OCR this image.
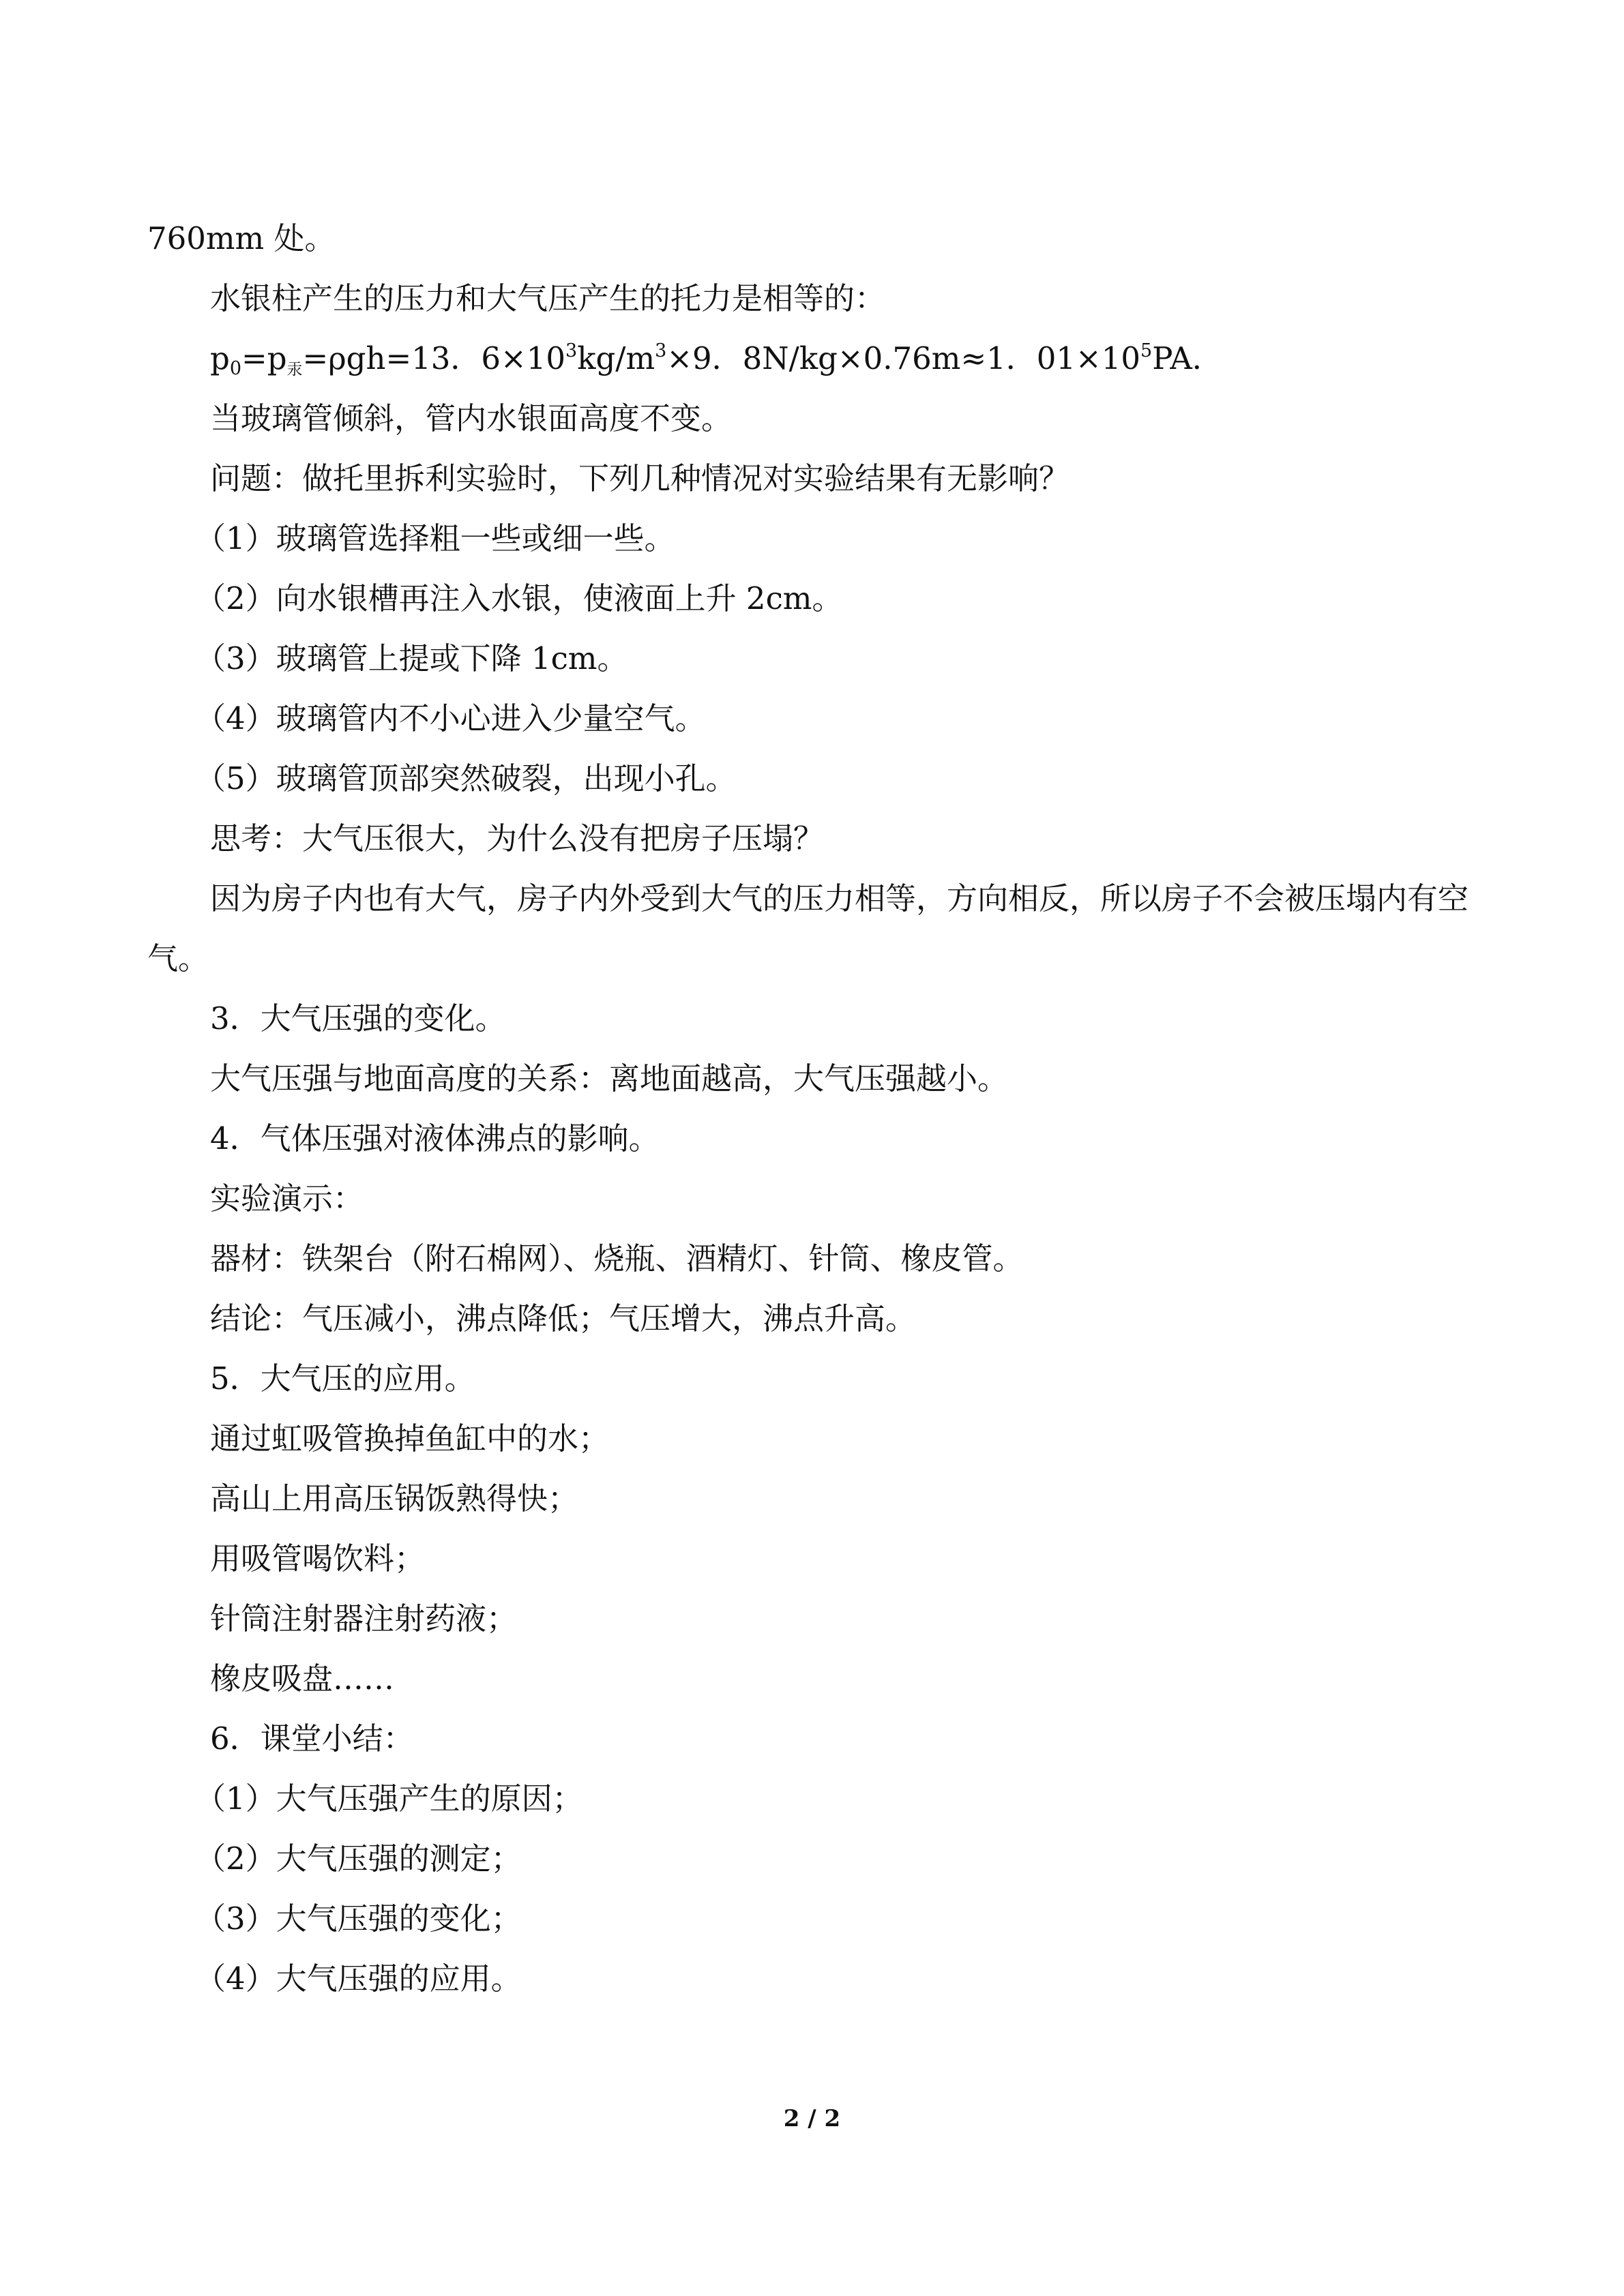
760mm 处。
水银柱产生的压力和大气压产生的托力是相等的：
$p_0=p_汞=\rho gh=13$．$6\times 10^3kg/m^3\times 9$．8N/kg×0.76m≈1．$01\times 10^5PA$．
当玻璃管倾斜，管内水银面高度不变。
问题：做托里拆利实验时，下列几种情况对实验结果有无影响？
（1）玻璃管选择粗一些或细一些。
（2）向水银槽再注入水银，使液面上升 2cm。
（3）玻璃管上提或下降 1cm。
（4）玻璃管内不小心进入少量空气。
（5）玻璃管顶部突然破裂，出现小孔。
思考：大气压很大，为什么没有把房子压塌？
因为房子内也有大气，房子内外受到大气的压力相等，方向相反，所以房子不会被压塌内有空气。
3．大气压强的变化。
大气压强与地面高度的关系：离地面越高，大气压强越小。
4．气体压强对液体沸点的影响。
实验演示：
器材：铁架台（附石棉网）、烧瓶、酒精灯、针筒、橡皮管。
结论：气压减小，沸点降低；气压增大，沸点升高。
5．大气压的应用。
通过虹吸管换掉鱼缸中的水；
高山上用高压锅饭熟得快；
用吸管喝饮料；
针筒注射器注射药液；
橡皮吸盘……
6．课堂小结：
（1）大气压强产生的原因；
（2）大气压强的测定；
（3）大气压强的变化；
（4）大气压强的应用。
2 / 2
